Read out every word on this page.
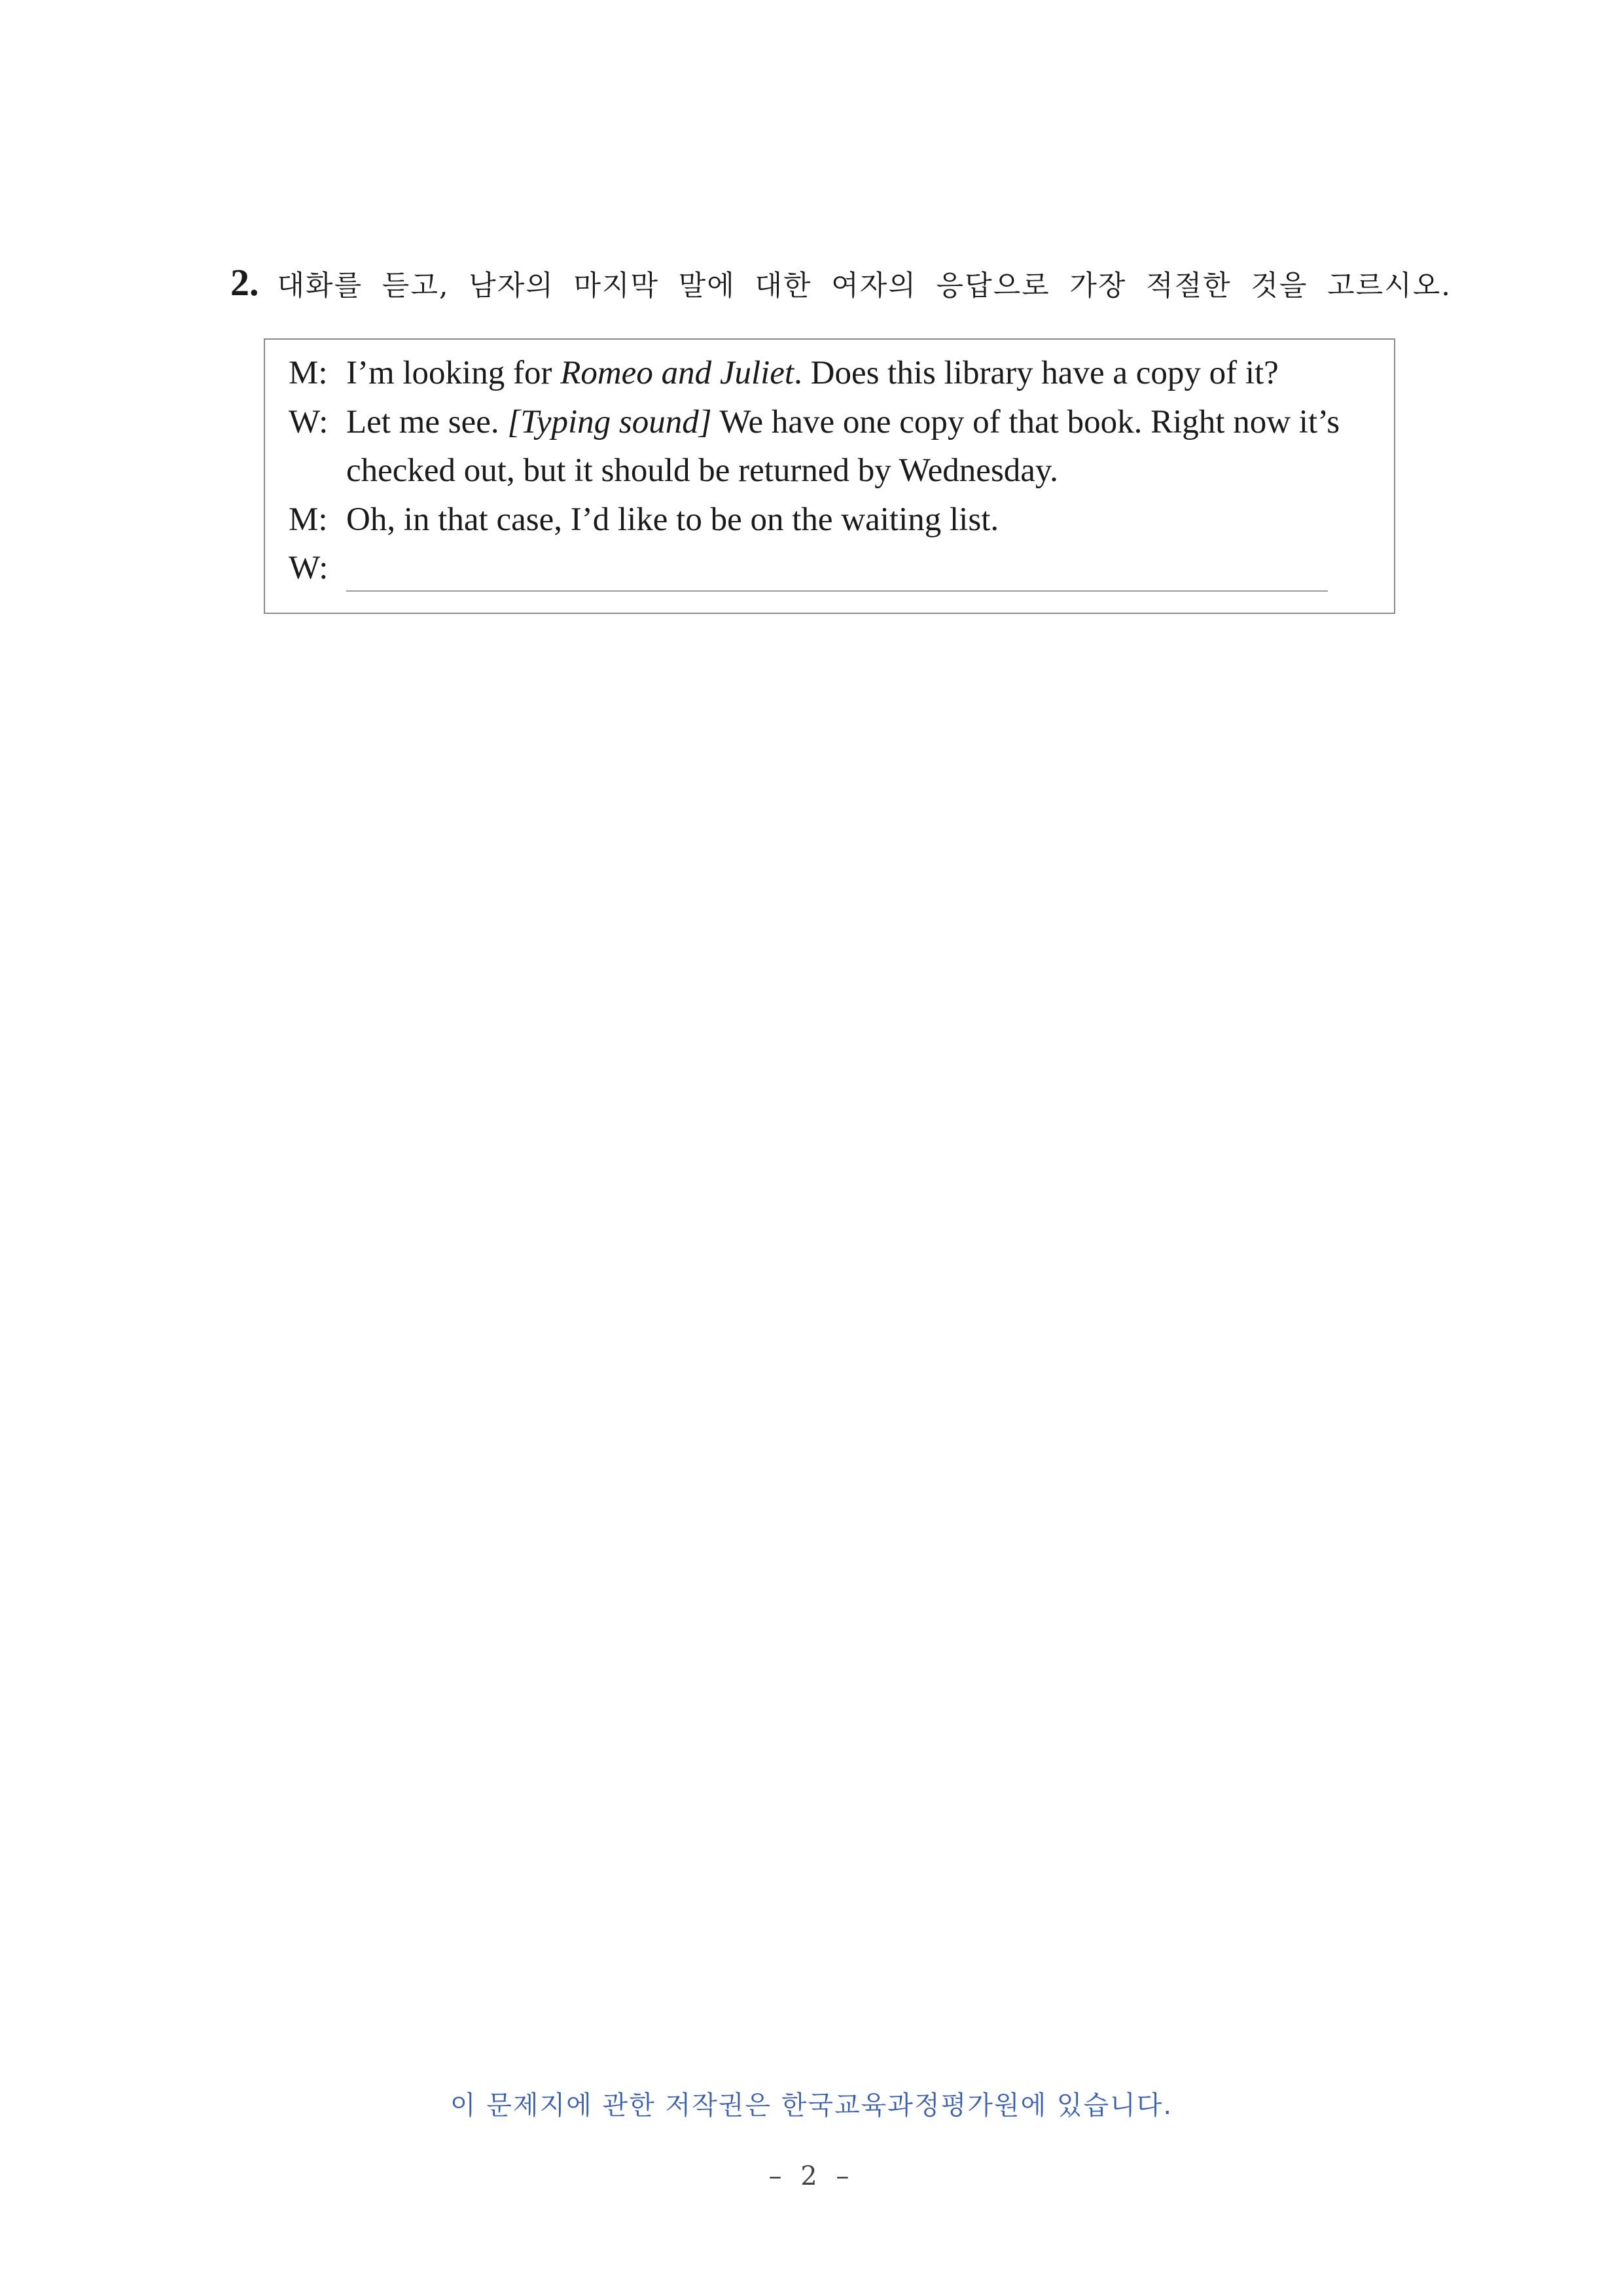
2. 대화를 듣고, 남자의 마지막 말에 대한 여자의 응답으로 가장 적절한 것을 고르시오.
M: I’m looking for Romeo and Juliet. Does this library have a copy of it?
W: Let me see. [Typing sound] We have one copy of that book. Right now it’s
checked out, but it should be returned by Wednesday.
M: Oh, in that case, I’d like to be on the waiting list.
W:
이 문제지에 관한 저작권은 한국교육과정평가원에 있습니다.
– 2 –
